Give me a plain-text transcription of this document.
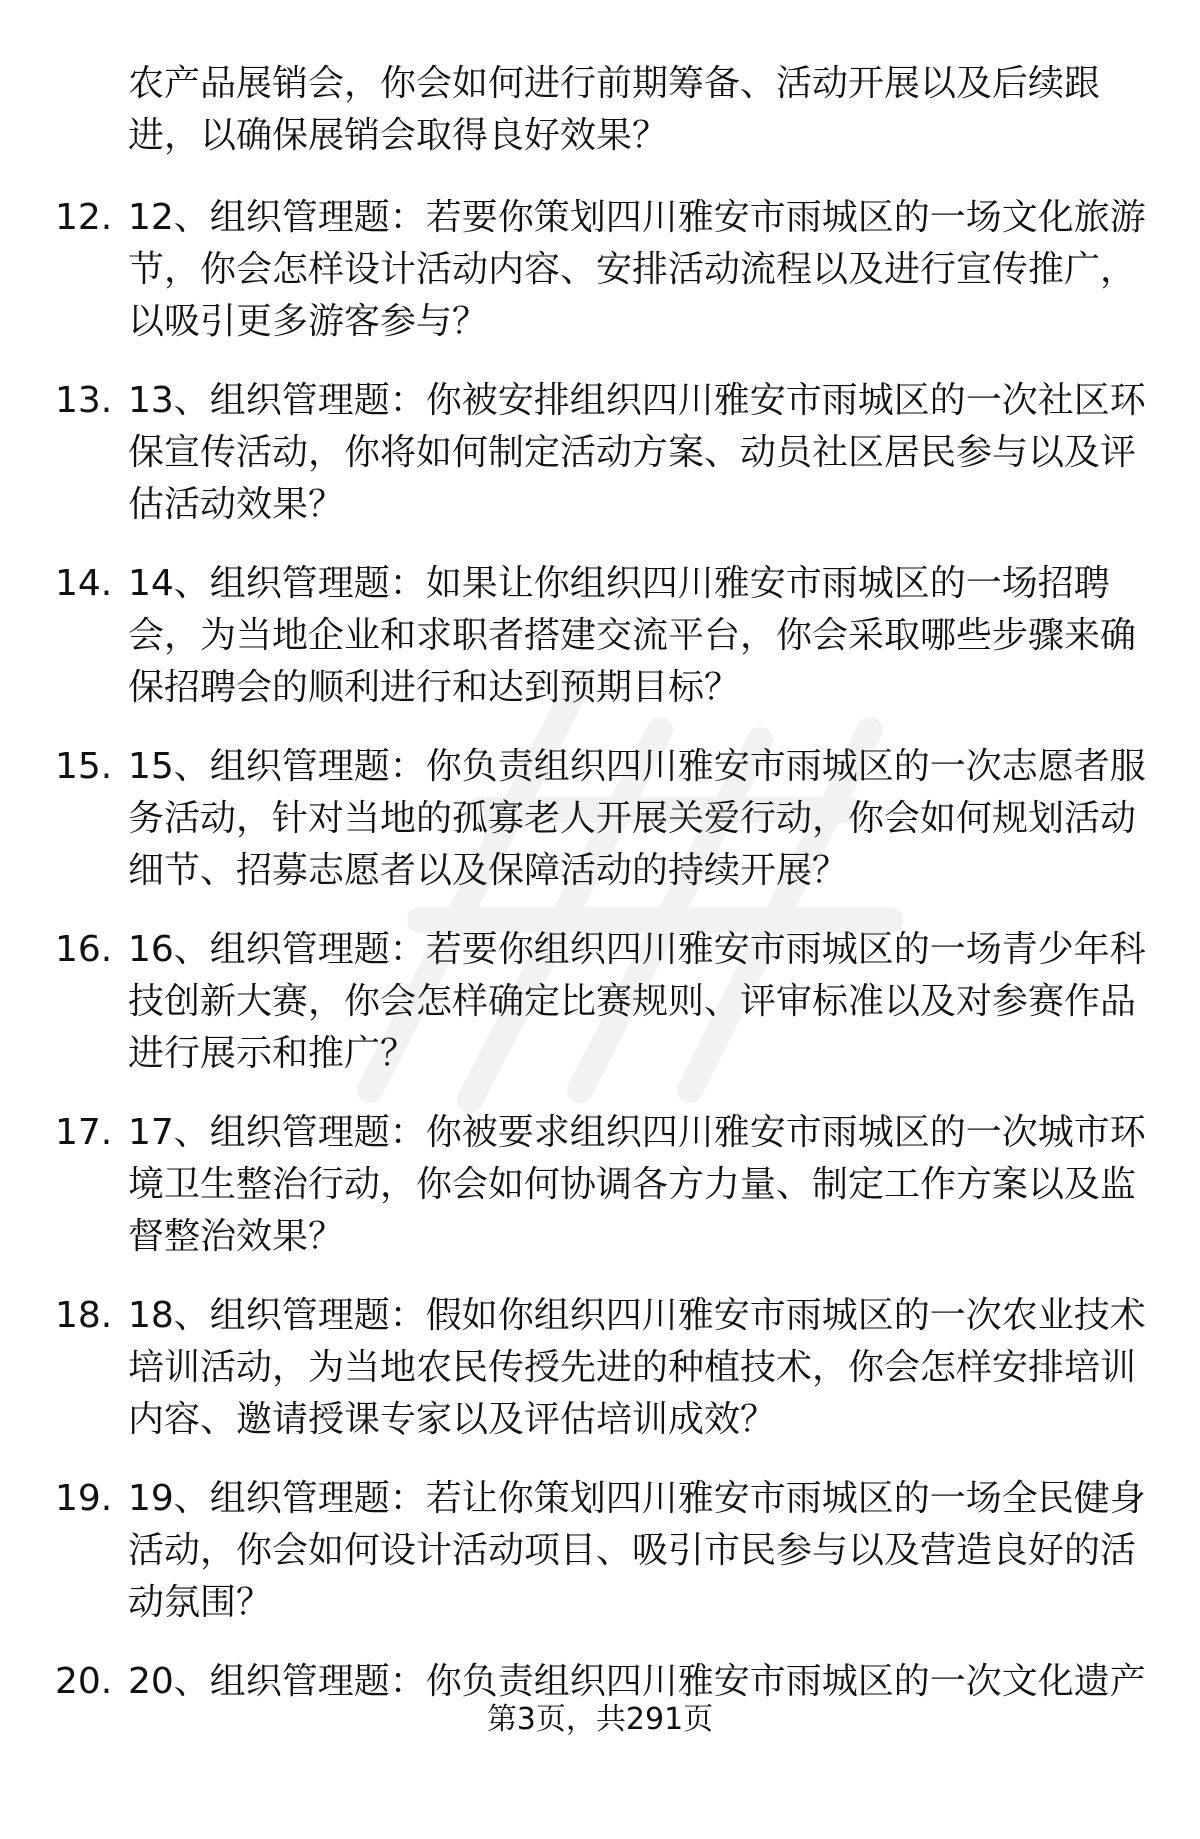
农产品展销会，你会如何进行前期筹备、活动开展以及后续跟进，以确保展销会取得良好效果？
12. 12、组织管理题：若要你策划四川雅安市雨城区的一场文化旅游节，你会怎样设计活动内容、安排活动流程以及进行宣传推广，以吸引更多游客参与？
13. 13、组织管理题：你被安排组织四川雅安市雨城区的一次社区环保宣传活动，你将如何制定活动方案、动员社区居民参与以及评估活动效果？
14. 14、组织管理题：如果让你组织四川雅安市雨城区的一场招聘会，为当地企业和求职者搭建交流平台，你会采取哪些步骤来确保招聘会的顺利进行和达到预期目标？
15. 15、组织管理题：你负责组织四川雅安市雨城区的一次志愿者服务活动，针对当地的孤寡老人开展关爱行动，你会如何规划活动细节、招募志愿者以及保障活动的持续开展？
16. 16、组织管理题：若要你组织四川雅安市雨城区的一场青少年科技创新大赛，你会怎样确定比赛规则、评审标准以及对参赛作品进行展示和推广？
17. 17、组织管理题：你被要求组织四川雅安市雨城区的一次城市环境卫生整治行动，你会如何协调各方力量、制定工作方案以及监督整治效果？
18. 18、组织管理题：假如你组织四川雅安市雨城区的一次农业技术培训活动，为当地农民传授先进的种植技术，你会怎样安排培训内容、邀请授课专家以及评估培训成效？
19. 19、组织管理题：若让你策划四川雅安市雨城区的一场全民健身活动，你会如何设计活动项目、吸引市民参与以及营造良好的活动氛围？
20. 20、组织管理题：你负责组织四川雅安市雨城区的一次文化遗产
第3页，共291页
